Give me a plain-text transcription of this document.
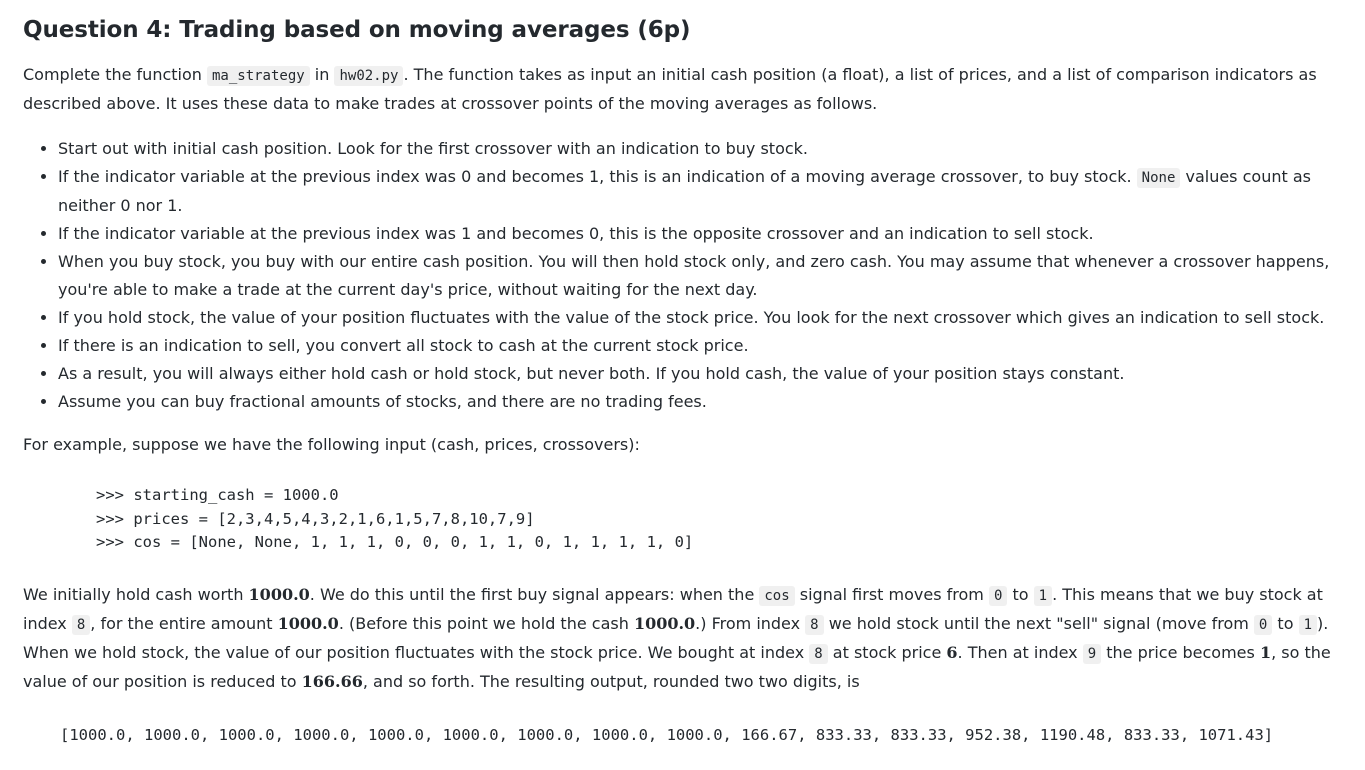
Question 4: Trading based on moving averages (6p)

Complete the function ma_strategy in hw02.py . The function takes as input an initial cash position (a float), a list of prices, and a list of comparison indicators as described above. It uses these data to make trades at crossover points of the moving averages as follows.

• Start out with initial cash position. Look for the first crossover with an indication to buy stock.
• If the indicator variable at the previous index was 0 and becomes 1, this is an indication of a moving average crossover, to buy stock. None values count as neither 0 nor 1.
• If the indicator variable at the previous index was 1 and becomes 0, this is the opposite crossover and an indication to sell stock.
• When you buy stock, you buy with our entire cash position. You will then hold stock only, and zero cash. You may assume that whenever a crossover happens, you're able to make a trade at the current day's price, without waiting for the next day.
• If you hold stock, the value of your position fluctuates with the value of the stock price. You look for the next crossover which gives an indication to sell stock.
• If there is an indication to sell, you convert all stock to cash at the current stock price.
• As a result, you will always either hold cash or hold stock, but never both. If you hold cash, the value of your position stays constant.
• Assume you can buy fractional amounts of stocks, and there are no trading fees.

For example, suppose we have the following input (cash, prices, crossovers):

>>> starting_cash = 1000.0
>>> prices = [2,3,4,5,4,3,2,1,6,1,5,7,8,10,7,9]
>>> cos = [None, None, 1, 1, 1, 0, 0, 0, 1, 1, 0, 1, 1, 1, 1, 0]

We initially hold cash worth 1000.0. We do this until the first buy signal appears: when the cos signal first moves from 0 to 1 . This means that we buy stock at index 8 , for the entire amount 1000.0. (Before this point we hold the cash 1000.0.) From index 8 we hold stock until the next "sell" signal (move from 0 to 1 ). When we hold stock, the value of our position fluctuates with the stock price. We bought at index 8 at stock price 6. Then at index 9 the price becomes 1, so the value of our position is reduced to 166.66, and so forth. The resulting output, rounded two two digits, is

[1000.0, 1000.0, 1000.0, 1000.0, 1000.0, 1000.0, 1000.0, 1000.0, 1000.0, 166.67, 833.33, 833.33, 952.38, 1190.48, 833.33, 1071.43]
